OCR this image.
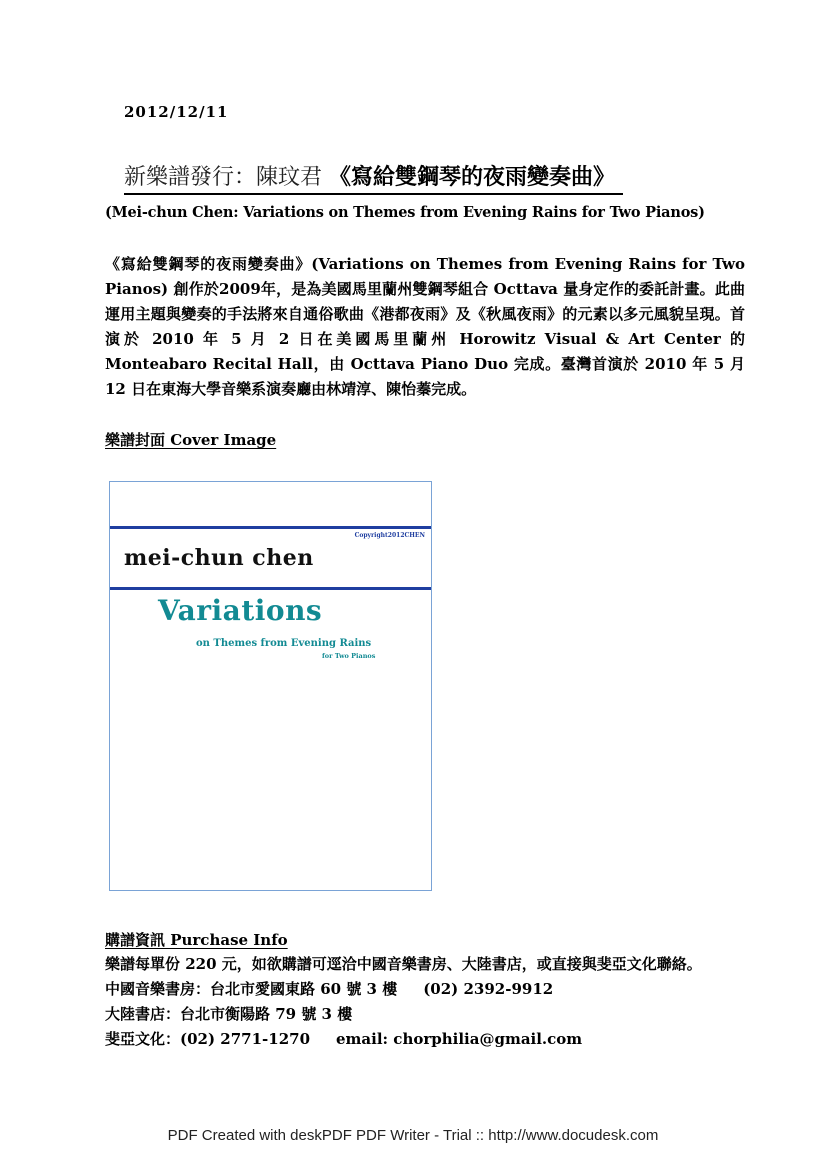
2012/12/11
新樂譜發行：陳玟君 《寫給雙鋼琴的夜雨變奏曲》
(Mei-chun Chen: Variations on Themes from Evening Rains for Two Pianos)
《寫給雙鋼琴的夜雨變奏曲》(Variations on Themes from Evening Rains for Two Pianos) 創作於2009年，是為美國馬里蘭州雙鋼琴組合 Octtava 量身定作的委託計畫。此曲運用主題與變奏的手法將來自通俗歌曲《港都夜雨》及《秋風夜雨》的元素以多元風貌呈現。首演於 2010 年 5 月 2 日在美國馬里蘭州 Horowitz Visual & Art Center 的 Monteabaro Recital Hall，由 Octtava Piano Duo 完成。臺灣首演於 2010 年 5 月 12 日在東海大學音樂系演奏廳由林靖淳、陳怡蓁完成。
樂譜封面 Cover Image
Copyright2012CHEN
mei-chun chen
Variations
on Themes from Evening Rains
for Two Pianos
購譜資訊 Purchase Info
樂譜每單份 220 元，如欲購譜可逕洽中國音樂書房、大陸書店，或直接與斐亞文化聯絡。
中國音樂書房：台北市愛國東路 60 號 3 樓 (02) 2392-9912
大陸書店：台北市衡陽路 79 號 3 樓
斐亞文化：(02) 2771-1270 email: chorphilia@gmail.com
PDF Created with deskPDF PDF Writer - Trial :: http://www.docudesk.com
